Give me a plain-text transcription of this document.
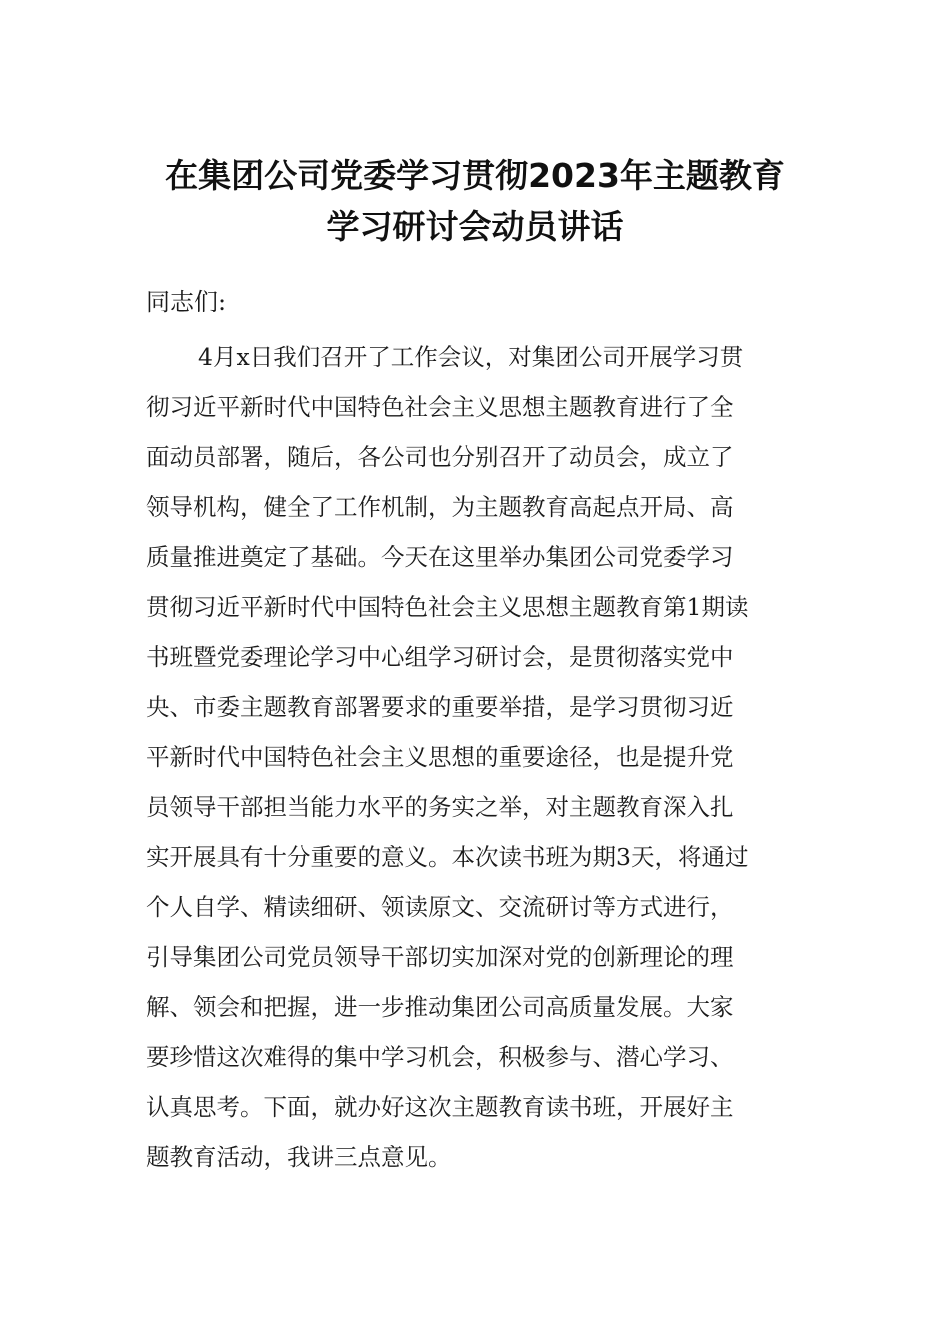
在集团公司党委学习贯彻2023年主题教育
学习研讨会动员讲话

同志们:

4月x日我们召开了工作会议，对集团公司开展学习贯
彻习近平新时代中国特色社会主义思想主题教育进行了全
面动员部署，随后，各公司也分别召开了动员会，成立了
领导机构，健全了工作机制，为主题教育高起点开局、高
质量推进奠定了基础。今天在这里举办集团公司党委学习
贯彻习近平新时代中国特色社会主义思想主题教育第1期读
书班暨党委理论学习中心组学习研讨会，是贯彻落实党中
央、市委主题教育部署要求的重要举措，是学习贯彻习近
平新时代中国特色社会主义思想的重要途径，也是提升党
员领导干部担当能力水平的务实之举，对主题教育深入扎
实开展具有十分重要的意义。本次读书班为期3天，将通过
个人自学、精读细研、领读原文、交流研讨等方式进行，
引导集团公司党员领导干部切实加深对党的创新理论的理
解、领会和把握，进一步推动集团公司高质量发展。大家
要珍惜这次难得的集中学习机会，积极参与、潜心学习、
认真思考。下面，就办好这次主题教育读书班，开展好主
题教育活动，我讲三点意见。
